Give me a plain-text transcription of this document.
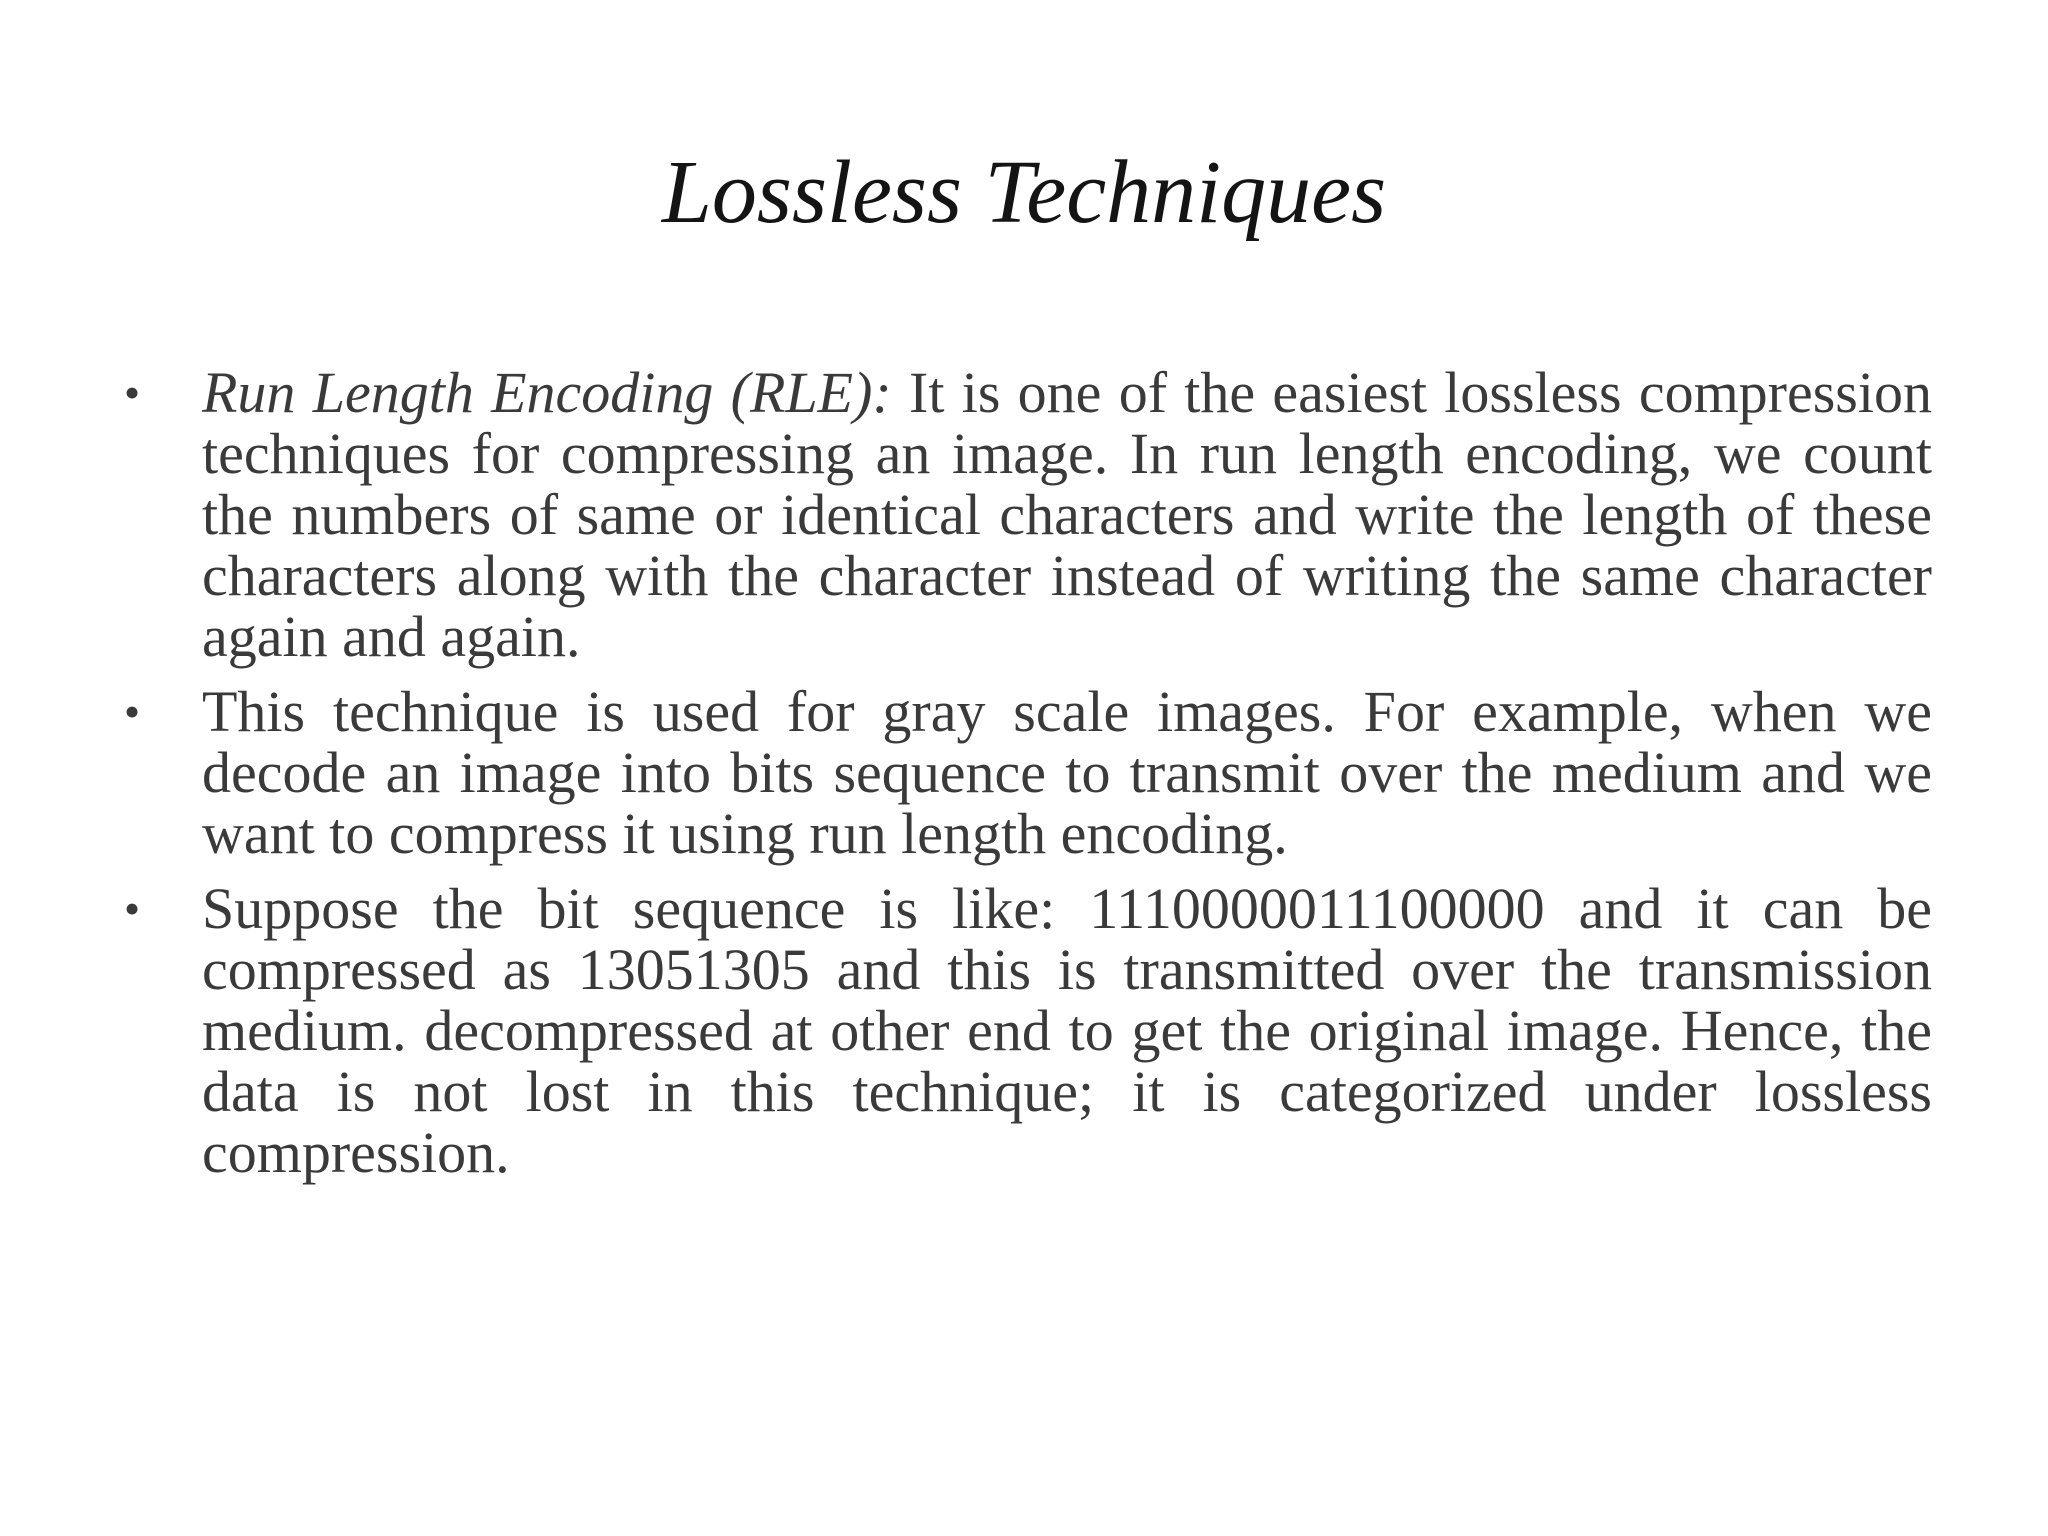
Lossless Techniques
•	Run Length Encoding (RLE): It is one of the easiest lossless compression techniques for compressing an image. In run length encoding, we count the numbers of same or identical characters and write the length of these characters along with the character instead of writing the same character again and again.
•	This technique is used for gray scale images. For example, when we decode an image into bits sequence to transmit over the medium and we want to compress it using run length encoding.
•	Suppose the bit sequence is like: 1110000011100000 and it can be compressed as 13051305 and this is transmitted over the transmission medium. decompressed at other end to get the original image. Hence, the data is not lost in this technique; it is categorized under lossless compression.
